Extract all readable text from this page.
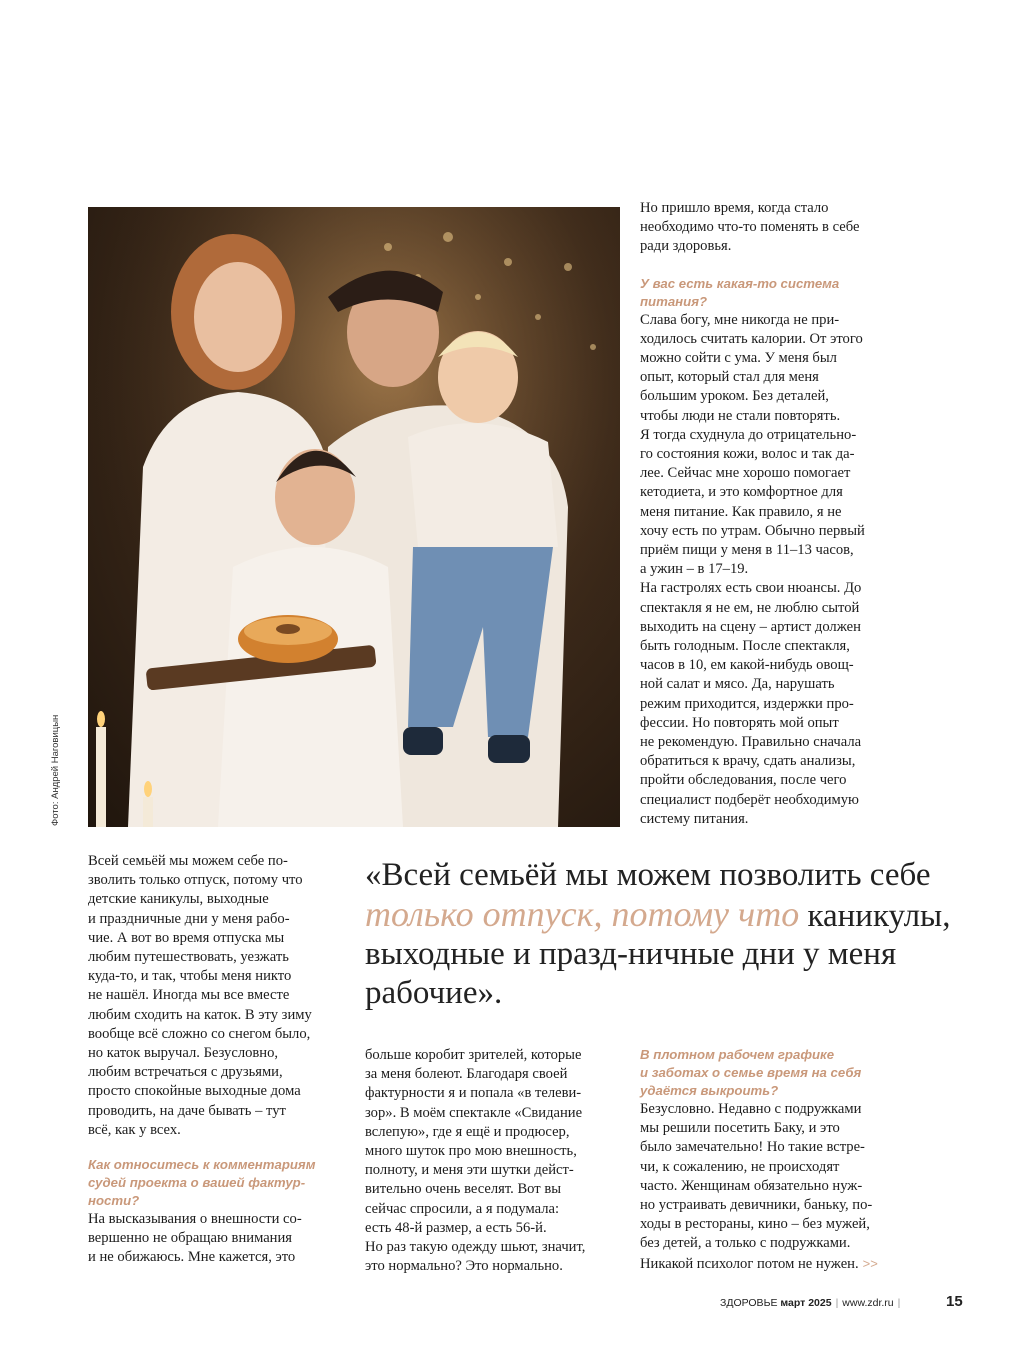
Фото: Андрей Наговицын

Но пришло время, когда стало

необходимо что-то поменять в себе

ради здоровья.

У вас есть какая-то система

питания?

Слава богу, мне никогда не при-

ходилось считать калории. От этого

можно сойти с ума. У меня был

опыт, который стал для меня

большим уроком. Без деталей,

чтобы люди не стали повторять.

Я тогда схуднула до отрицательно-

го состояния кожи, волос и так да-

лее. Сейчас мне хорошо помогает

кетодиета, и это комфортное для

меня питание. Как правило, я не

хочу есть по утрам. Обычно первый

приём пищи у меня в 11–13 часов,

а ужин – в 17–19.

На гастролях есть свои нюансы. До

спектакля я не ем, не люблю сытой

выходить на сцену – артист должен

быть голодным. После спектакля,

часов в 10, ем какой-нибудь овощ-

ной салат и мясо. Да, нарушать

режим приходится, издержки про-

фессии. Но повторять мой опыт

не рекомендую. Правильно сначала

обратиться к врачу, сдать анализы,

пройти обследования, после чего

специалист подберёт необходимую

систему питания.

Всей семьёй мы можем себе по-

зволить только отпуск, потому что

детские каникулы, выходные

и праздничные дни у меня рабо-

чие. А вот во время отпуска мы

любим путешествовать, уезжать

куда-то, и так, чтобы меня никто

не нашёл. Иногда мы все вместе

любим сходить на каток. В эту зиму

вообще всё сложно со снегом было,

но каток выручал. Безусловно,

любим встречаться с друзьями,

просто спокойные выходные дома

проводить, на даче бывать – тут

всё, как у всех.

Как относитесь к комментариям

судей проекта о вашей фактур-

ности?

На высказывания о внешности со-

вершенно не обращаю внимания

и не обижаюсь. Мне кажется, это

«Всей семьёй мы можем позволить себе только отпуск, потому что каникулы, выходные и празд-ничные дни у меня рабочие».

больше коробит зрителей, которые

за меня болеют. Благодаря своей

фактурности я и попала «в телеви-

зор». В моём спектакле «Свидание

вслепую», где я ещё и продюсер,

много шуток про мою внешность,

полноту, и меня эти шутки дейст-

вительно очень веселят. Вот вы

сейчас спросили, а я подумала:

есть 48-й размер, а есть 56-й.

Но раз такую одежду шьют, значит,

это нормально? Это нормально.

В плотном рабочем графике

и заботах о семье время на себя

удаётся выкроить?

Безусловно. Недавно с подружками

мы решили посетить Баку, и это

было замечательно! Но такие встре-

чи, к сожалению, не происходят

часто. Женщинам обязательно нуж-

но устраивать девичники, баньку, по-

ходы в рестораны, кино – без мужей,

без детей, а только с подружками.

Никакой психолог потом не нужен. >>

ЗДОРОВЬЕ март 2025 | www.zdr.ru |	15
